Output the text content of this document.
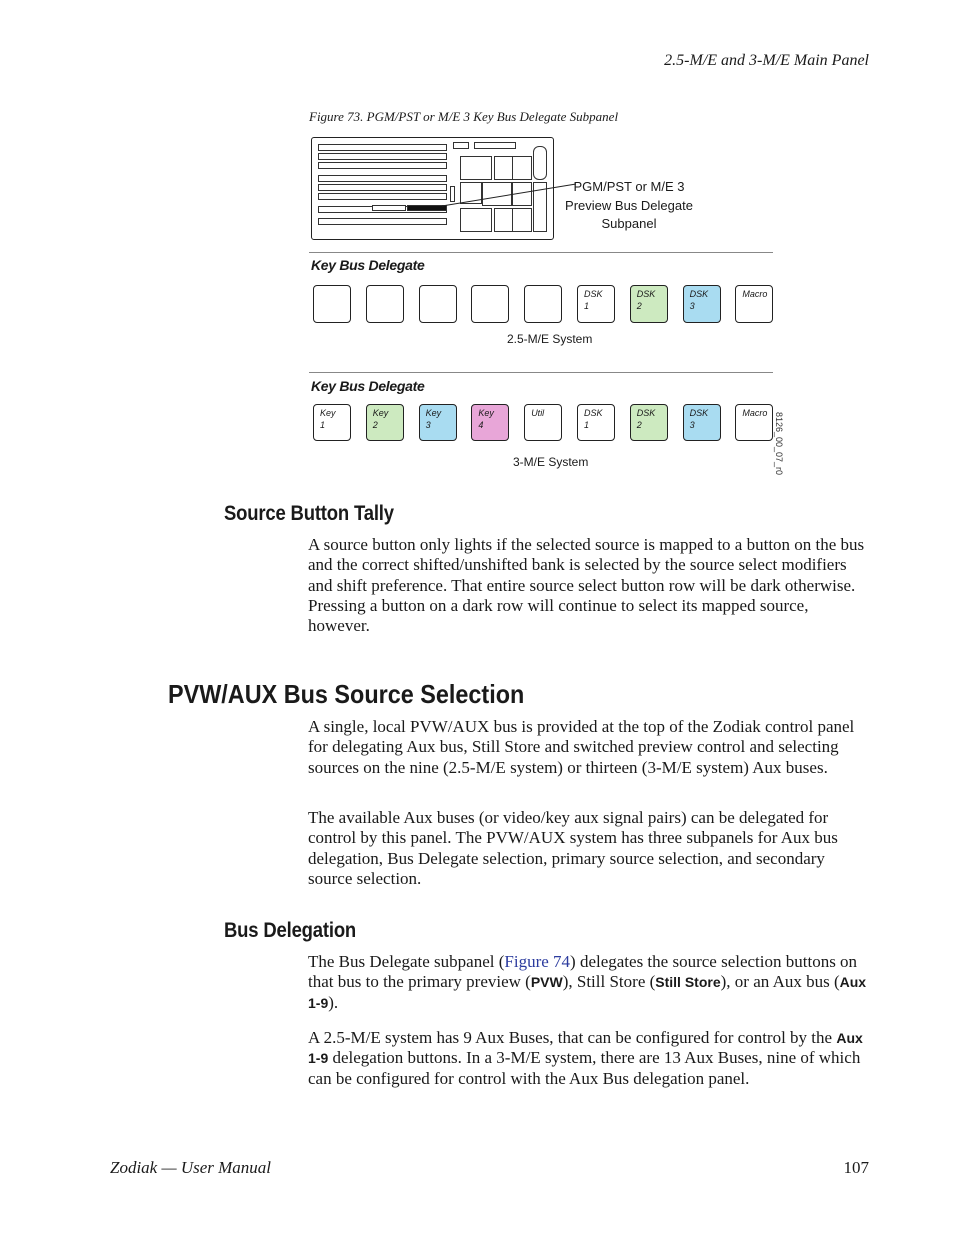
2.5-M/E and 3-M/E Main Panel
Figure 73. PGM/PST or M/E 3 Key Bus Delegate Subpanel
PGM/PST or M/E 3
Preview Bus Delegate
Subpanel
Key Bus Delegate
DSK
1
DSK
2
DSK
3
Macro
2.5-M/E System
Key Bus Delegate
Key
1
Key
2
Key
3
Key
4
Util	DSK
1
DSK
2
DSK
3
Macro
3-M/E System	8126_00_07_r0
Source Button Tally

A source button only lights if the selected source is mapped to a button on the bus and the correct shifted/unshifted bank is selected by the source select modifiers and shift preference. That entire source select button row will be dark otherwise. Pressing a button on a dark row will continue to select its mapped source, however.

PVW/AUX Bus Source Selection

A single, local PVW/AUX bus is provided at the top of the Zodiak control panel for delegating Aux bus, Still Store and switched preview control and selecting sources on the nine (2.5-M/E system) or thirteen (3-M/E system) Aux buses.

The available Aux buses (or video/key aux signal pairs) can be delegated for control by this panel. The PVW/AUX system has three subpanels for Aux bus delegation, Bus Delegate selection, primary source selection, and secondary source selection.

Bus Delegation

The Bus Delegate subpanel (Figure 74) delegates the source selection buttons on that bus to the primary preview (PVW), Still Store (Still Store), or an Aux bus (Aux 1-9).

A 2.5-M/E system has 9 Aux Buses, that can be configured for control by the Aux 1-9 delegation buttons. In a 3-M/E system, there are 13 Aux Buses, nine of which can be configured for control with the Aux Bus delegation panel.

Zodiak — User Manual	107
